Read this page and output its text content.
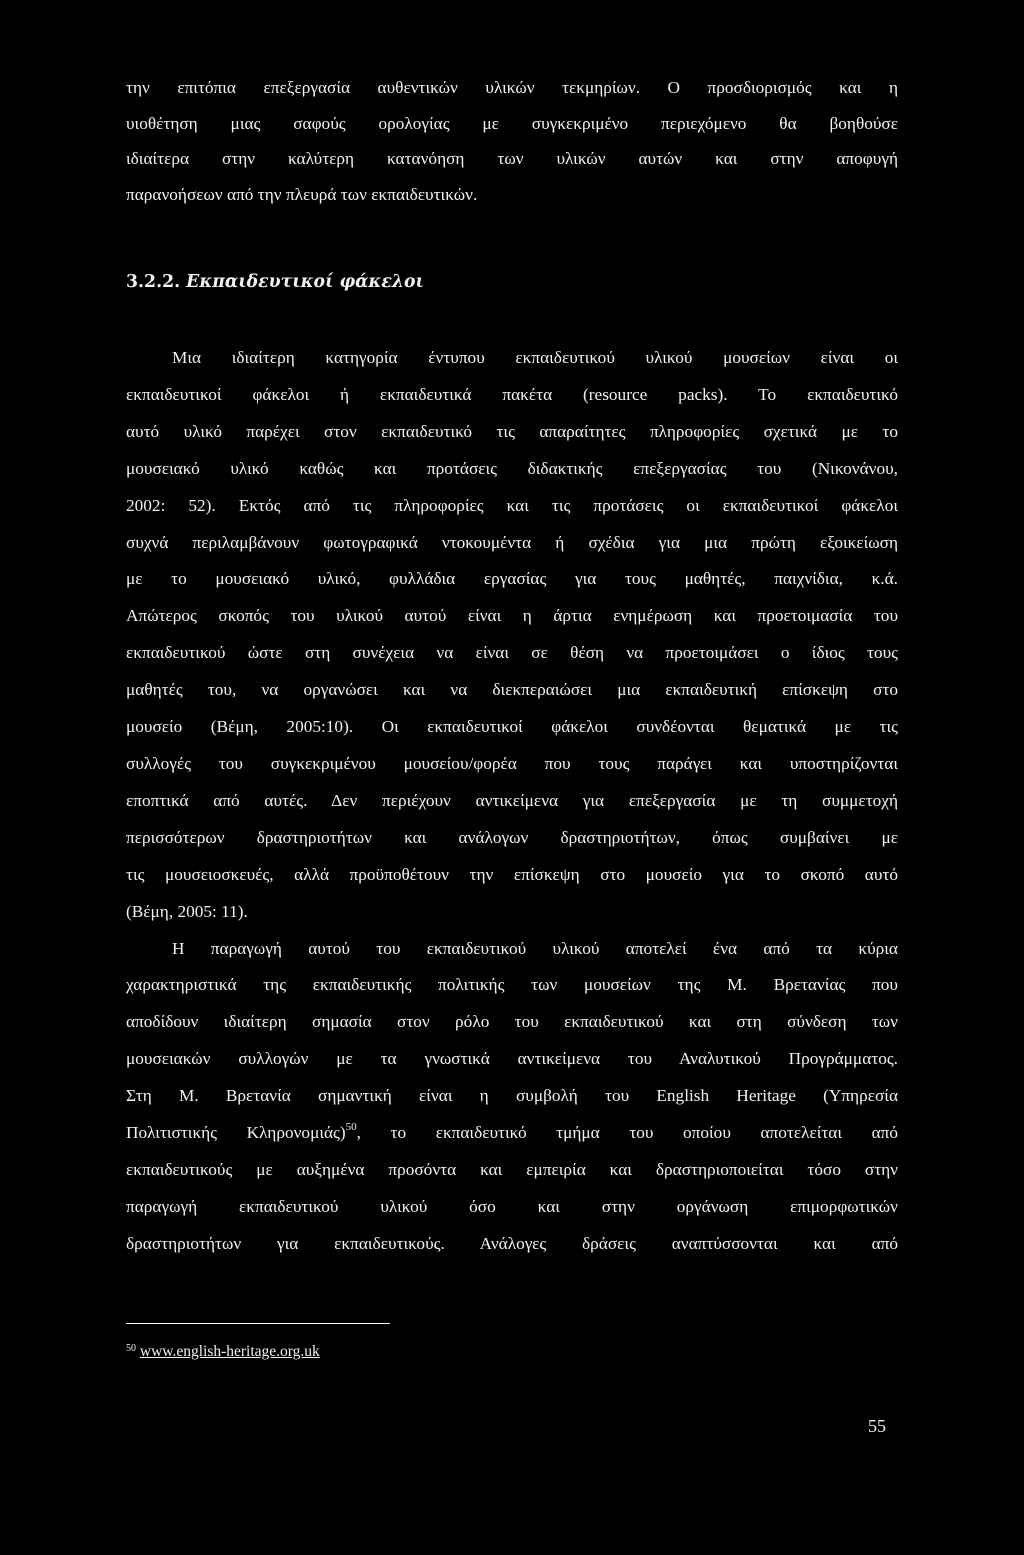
την επιτόπια επεξεργασία αυθεντικών υλικών τεκμηρίων. Ο προσδιορισμός και η
υιοθέτηση μιας σαφούς ορολογίας με συγκεκριμένο περιεχόμενο θα βοηθούσε
ιδιαίτερα στην καλύτερη κατανόηση των υλικών αυτών και στην αποφυγή
παρανοήσεων από την πλευρά των εκπαιδευτικών.
3.2.2. Εκπαιδευτικοί φάκελοι
Μια ιδιαίτερη κατηγορία έντυπου εκπαιδευτικού υλικού μουσείων είναι οι
εκπαιδευτικοί φάκελοι ή εκπαιδευτικά πακέτα (resource packs). Το εκπαιδευτικό
αυτό υλικό παρέχει στον εκπαιδευτικό τις απαραίτητες πληροφορίες σχετικά με το
μουσειακό υλικό καθώς και προτάσεις διδακτικής επεξεργασίας του (Νικονάνου,
2002: 52). Εκτός από τις πληροφορίες και τις προτάσεις οι εκπαιδευτικοί φάκελοι
συχνά περιλαμβάνουν φωτογραφικά ντοκουμέντα ή σχέδια για μια πρώτη εξοικείωση
με το μουσειακό υλικό, φυλλάδια εργασίας για τους μαθητές, παιχνίδια, κ.ά.
Απώτερος σκοπός του υλικού αυτού είναι η άρτια ενημέρωση και προετοιμασία του
εκπαιδευτικού ώστε στη συνέχεια να είναι σε θέση να προετοιμάσει ο ίδιος τους
μαθητές του, να οργανώσει και να διεκπεραιώσει μια εκπαιδευτική επίσκεψη στο
μουσείο (Βέμη, 2005:10). Οι εκπαιδευτικοί φάκελοι συνδέονται θεματικά με τις
συλλογές του συγκεκριμένου μουσείου/φορέα που τους παράγει και υποστηρίζονται
εποπτικά από αυτές. Δεν περιέχουν αντικείμενα για επεξεργασία με τη συμμετοχή
περισσότερων δραστηριοτήτων και ανάλογων δραστηριοτήτων, όπως συμβαίνει με
τις μουσειοσκευές, αλλά προϋποθέτουν την επίσκεψη στο μουσείο για το σκοπό αυτό
(Βέμη, 2005: 11).
Η παραγωγή αυτού του εκπαιδευτικού υλικού αποτελεί ένα από τα κύρια
χαρακτηριστικά της εκπαιδευτικής πολιτικής των μουσείων της Μ. Βρετανίας που
αποδίδουν ιδιαίτερη σημασία στον ρόλο του εκπαιδευτικού και στη σύνδεση των
μουσειακών συλλογών με τα γνωστικά αντικείμενα του Αναλυτικού Προγράμματος.
Στη Μ. Βρετανία σημαντική είναι η συμβολή του English Heritage (Υπηρεσία
Πολιτιστικής Κληρονομιάς)$^{50}$, το εκπαιδευτικό τμήμα του οποίου αποτελείται από
εκπαιδευτικούς με αυξημένα προσόντα και εμπειρία και δραστηριοποιείται τόσο στην
παραγωγή εκπαιδευτικού υλικού όσο και στην οργάνωση επιμορφωτικών
δραστηριοτήτων για εκπαιδευτικούς. Ανάλογες δράσεις αναπτύσσονται και από
$^{50}$ www.english-heritage.org.uk
55
